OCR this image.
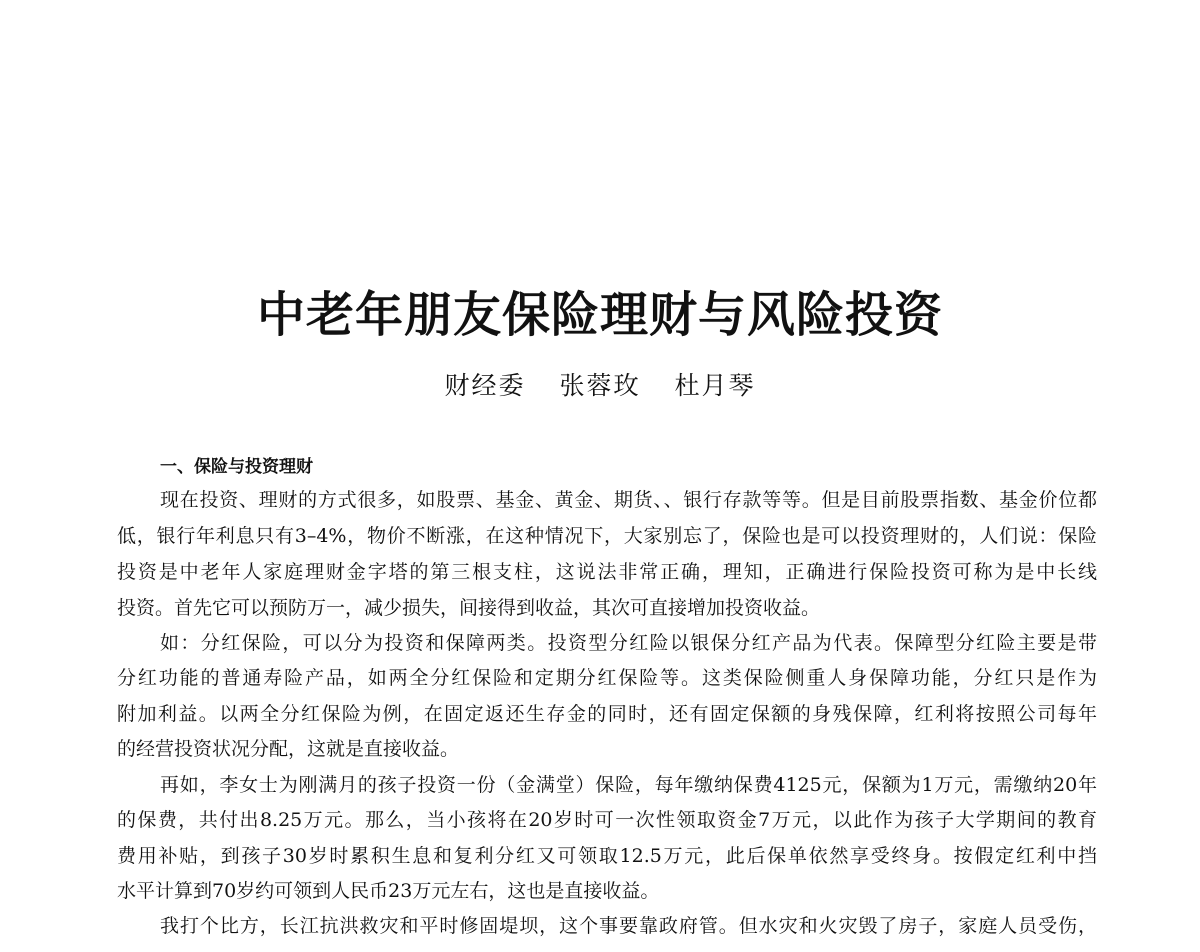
中老年朋友保险理财与风险投资
财经委 张蓉玫 杜月琴
一、保险与投资理财
现在投资、理财的方式很多，如股票、基金、黄金、期货、、银行存款等等。但是目前股票指数、基金价位都
低，银行年利息只有3–4%，物价不断涨，在这种情况下，大家别忘了，保险也是可以投资理财的，人们说：保险
投资是中老年人家庭理财金字塔的第三根支柱，这说法非常正确，理知，正确进行保险投资可称为是中长线
投资。首先它可以预防万一，减少损失，间接得到收益，其次可直接增加投资收益。
如：分红保险，可以分为投资和保障两类。投资型分红险以银保分红产品为代表。保障型分红险主要是带
分红功能的普通寿险产品，如两全分红保险和定期分红保险等。这类保险侧重人身保障功能，分红只是作为
附加利益。以两全分红保险为例，在固定返还生存金的同时，还有固定保额的身残保障，红利将按照公司每年
的经营投资状况分配，这就是直接收益。
再如，李女士为刚满月的孩子投资一份（金满堂）保险，每年缴纳保费4125元，保额为1万元，需缴纳20年
的保费，共付出8.25万元。那么，当小孩将在20岁时可一次性领取资金7万元，以此作为孩子大学期间的教育
费用补贴，到孩子30岁时累积生息和复利分红又可领取12.5万元，此后保单依然享受终身。按假定红利中挡
水平计算到70岁约可领到人民币23万元左右，这也是直接收益。
我打个比方，长江抗洪救灾和平时修固堤坝，这个事要靠政府管。但水灾和火灾毁了房子，家庭人员受伤，
